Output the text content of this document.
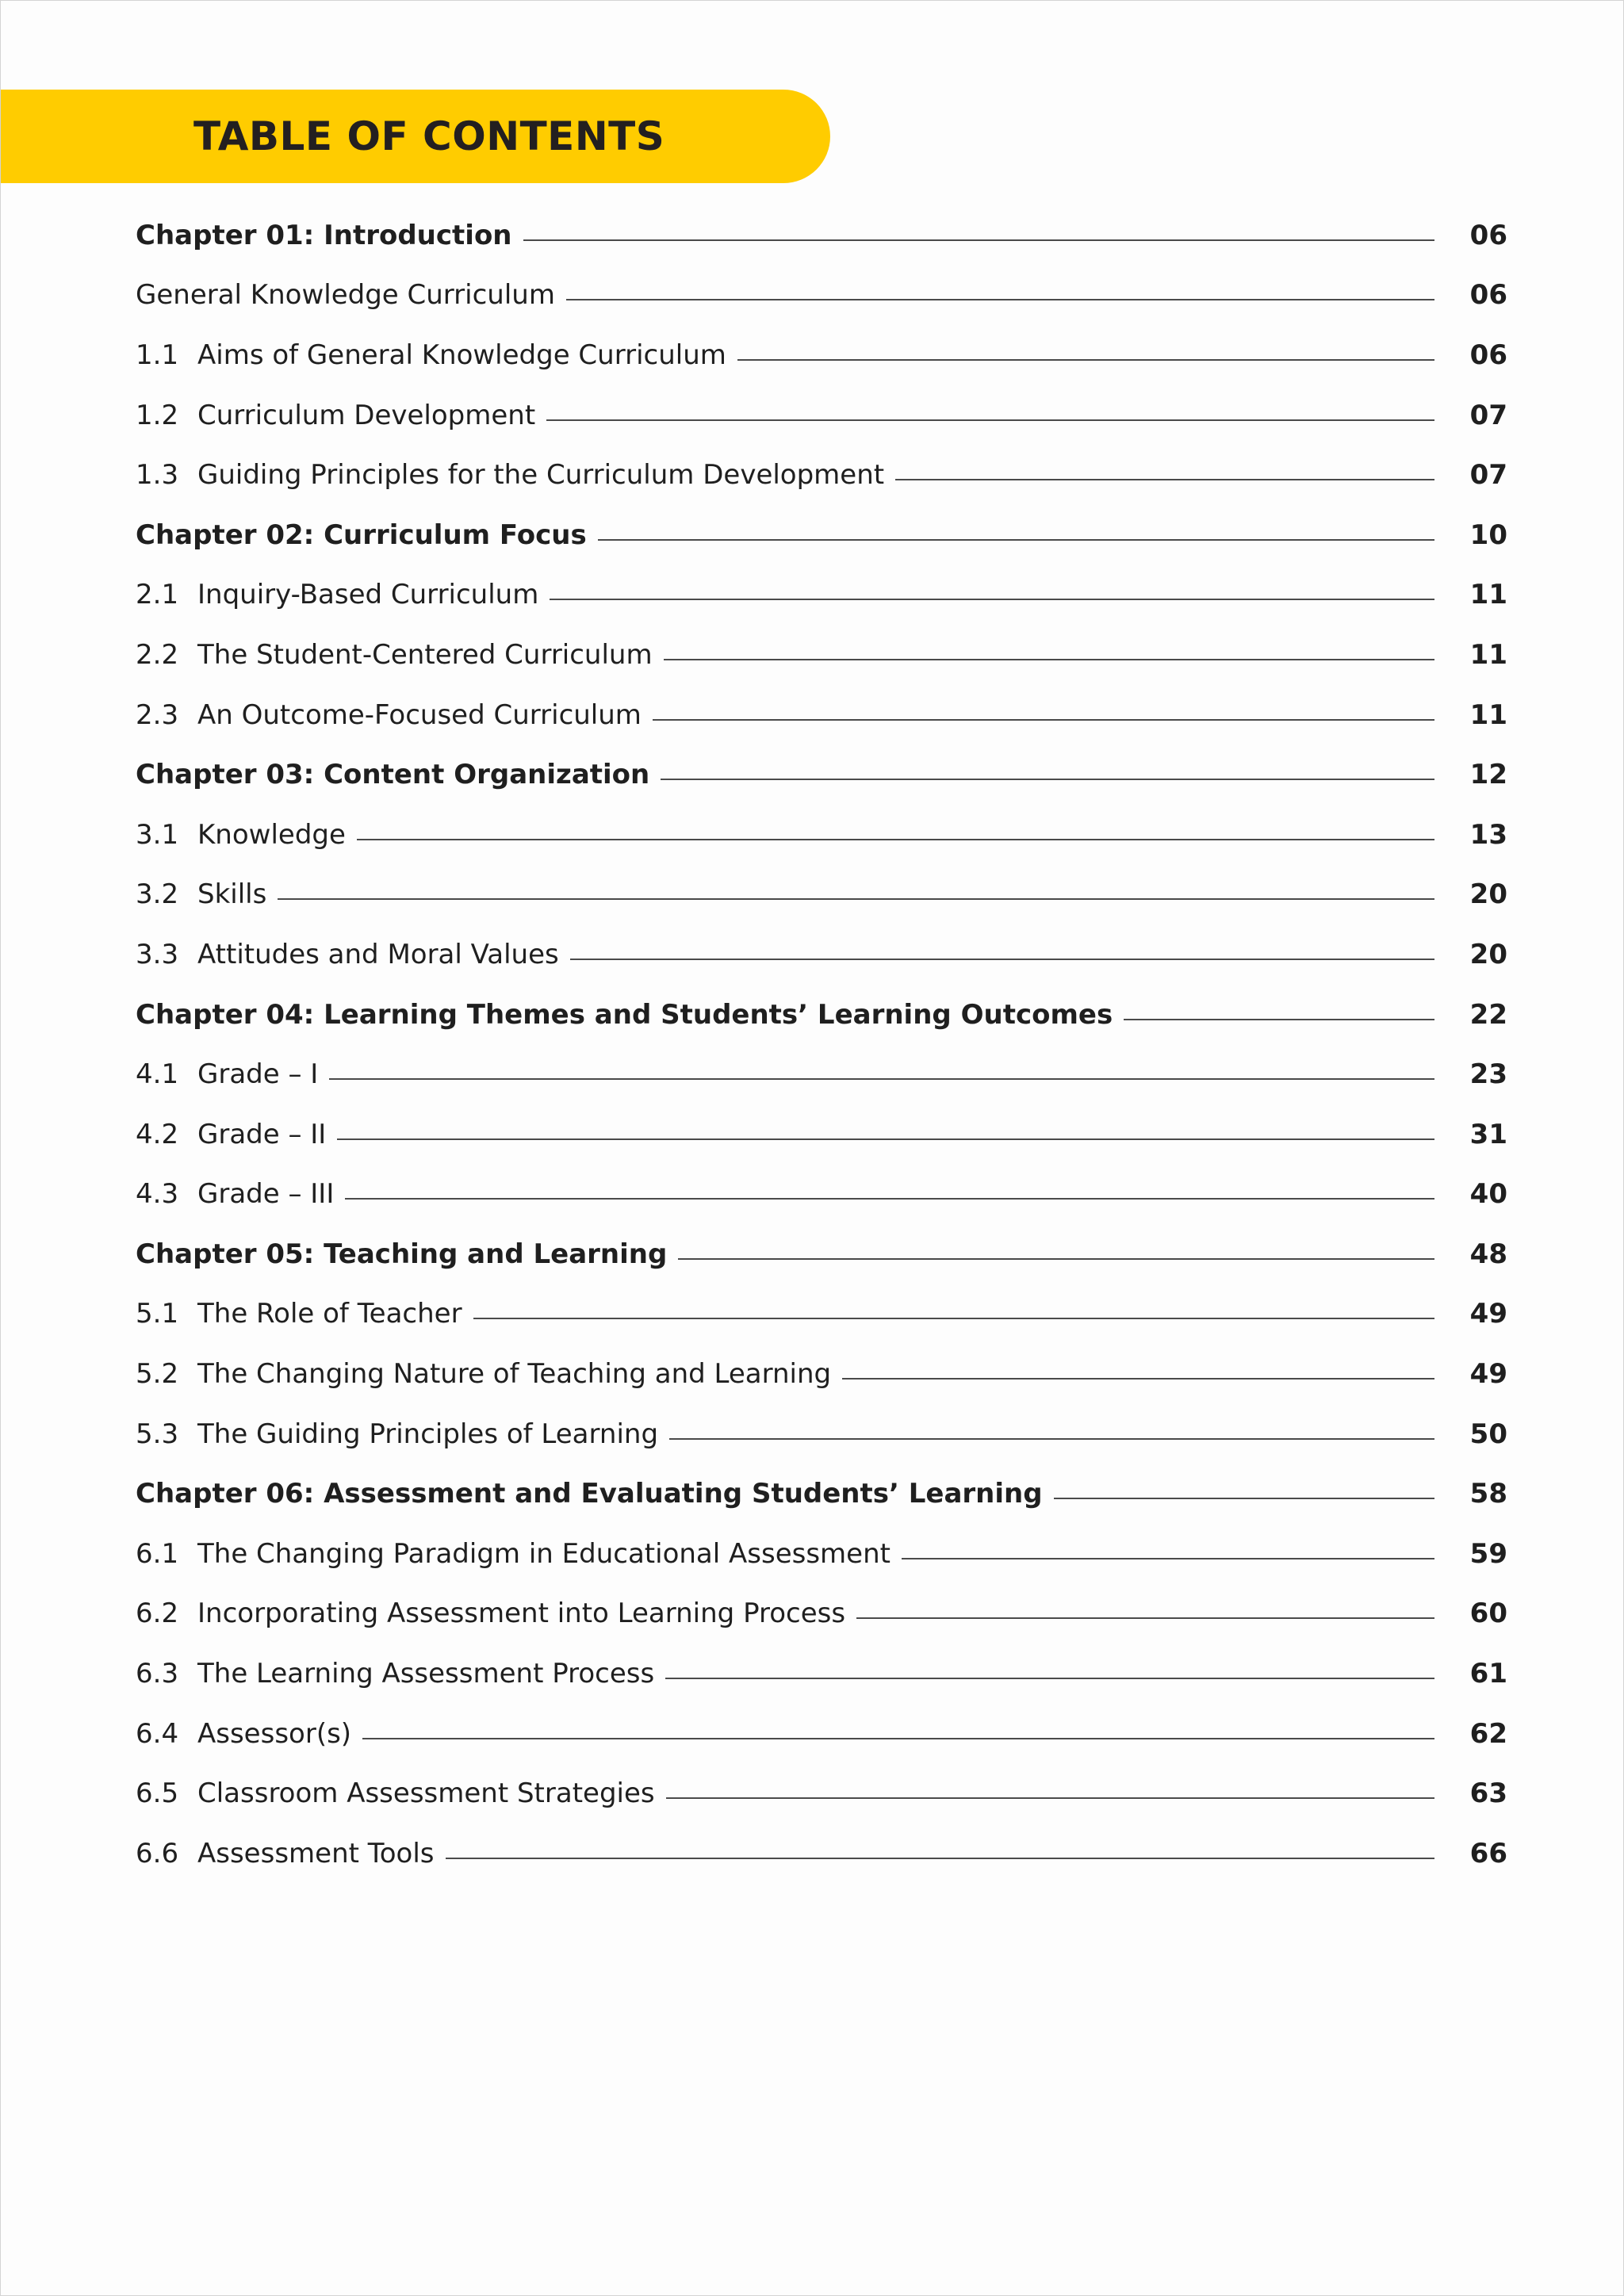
TABLE OF CONTENTS
Chapter 01: Introduction	06
General Knowledge Curriculum	06
1.1 Aims of General Knowledge Curriculum	06
1.2 Curriculum Development	07
1.3 Guiding Principles for the Curriculum Development	07
Chapter 02: Curriculum Focus	10
2.1 Inquiry-Based Curriculum	11
2.2 The Student-Centered Curriculum	11
2.3 An Outcome-Focused Curriculum	11
Chapter 03: Content Organization	12
3.1 Knowledge	13
3.2 Skills	20
3.3 Attitudes and Moral Values	20
Chapter 04: Learning Themes and Students’ Learning Outcomes	22
4.1 Grade – I	23
4.2 Grade – II	31
4.3 Grade – III	40
Chapter 05: Teaching and Learning	48
5.1 The Role of Teacher	49
5.2 The Changing Nature of Teaching and Learning	49
5.3 The Guiding Principles of Learning	50
Chapter 06: Assessment and Evaluating Students’ Learning	58
6.1 The Changing Paradigm in Educational Assessment	59
6.2 Incorporating Assessment into Learning Process	60
6.3 The Learning Assessment Process	61
6.4 Assessor(s)	62
6.5 Classroom Assessment Strategies	63
6.6 Assessment Tools	66
